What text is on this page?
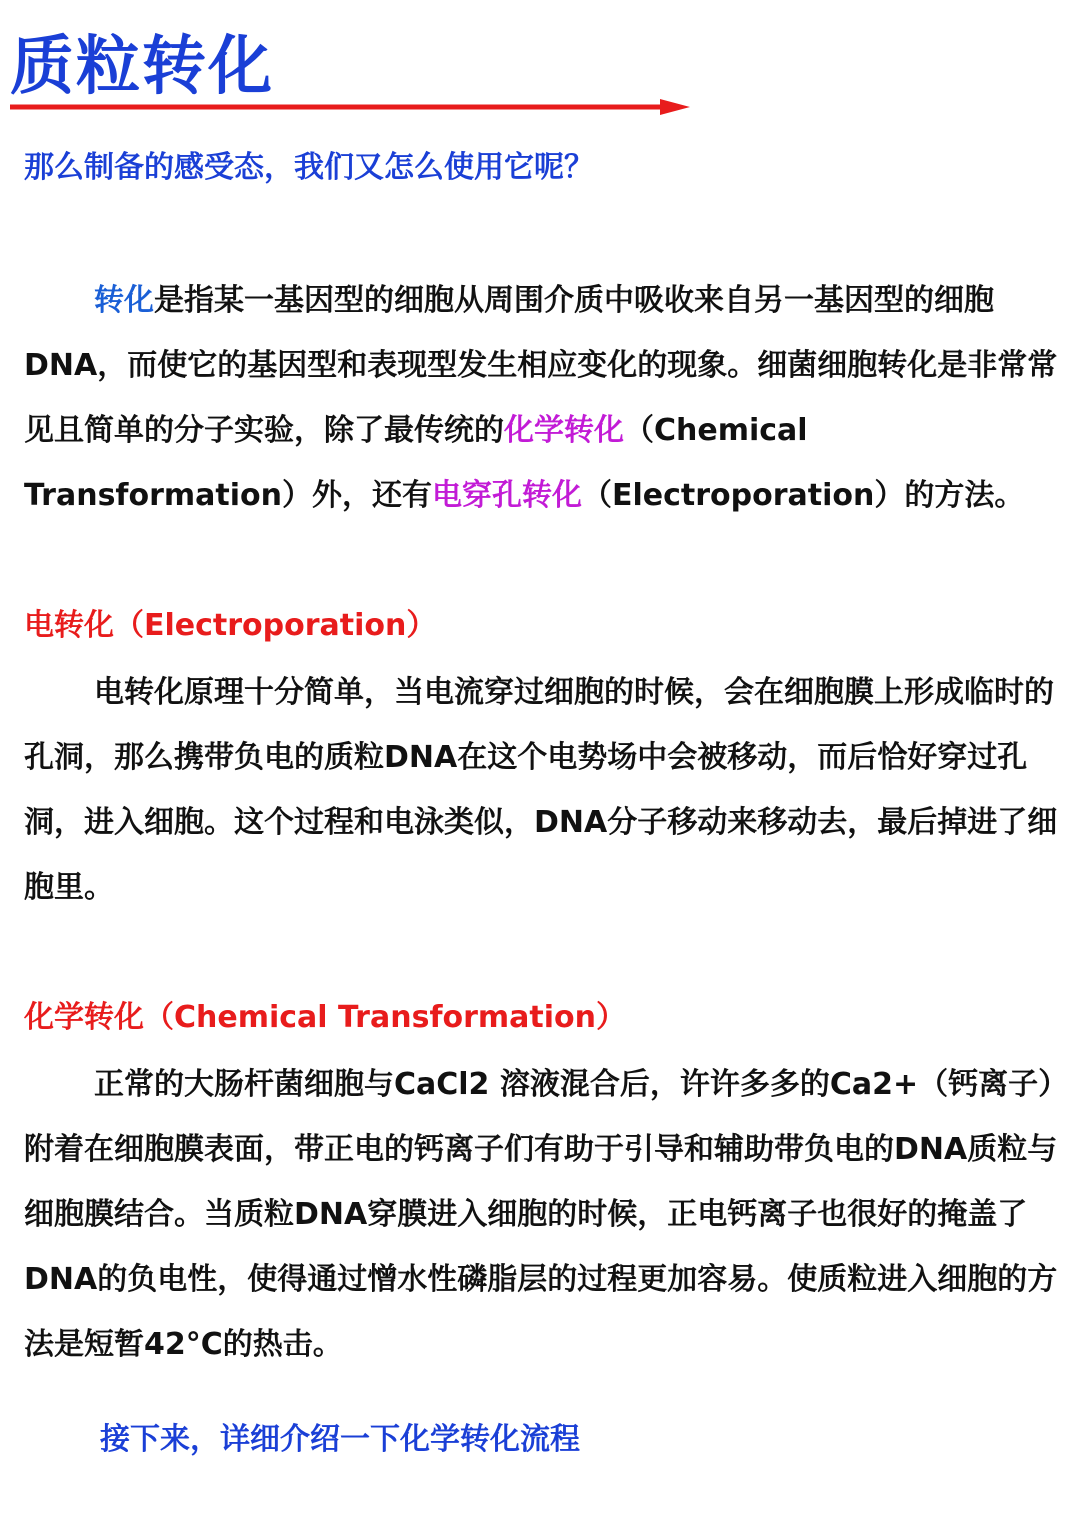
质粒转化

那么制备的感受态，我们又怎么使用它呢？

转化是指某一基因型的细胞从周围介质中吸收来自另一基因型的细胞DNA，而使它的基因型和表现型发生相应变化的现象。细菌细胞转化是非常常见且简单的分子实验，除了最传统的化学转化（Chemical Transformation）外，还有电穿孔转化（Electroporation）的方法。

电转化（Electroporation）

电转化原理十分简单，当电流穿过细胞的时候，会在细胞膜上形成临时的孔洞，那么携带负电的质粒DNA在这个电势场中会被移动，而后恰好穿过孔洞，进入细胞。这个过程和电泳类似，DNA分子移动来移动去，最后掉进了细胞里。

化学转化（Chemical Transformation）

正常的大肠杆菌细胞与CaCl2 溶液混合后，许许多多的Ca2+（钙离子）附着在细胞膜表面，带正电的钙离子们有助于引导和辅助带负电的DNA质粒与细胞膜结合。当质粒DNA穿膜进入细胞的时候，正电钙离子也很好的掩盖了DNA的负电性，使得通过憎水性磷脂层的过程更加容易。使质粒进入细胞的方法是短暂42°C的热击。

接下来，详细介绍一下化学转化流程
